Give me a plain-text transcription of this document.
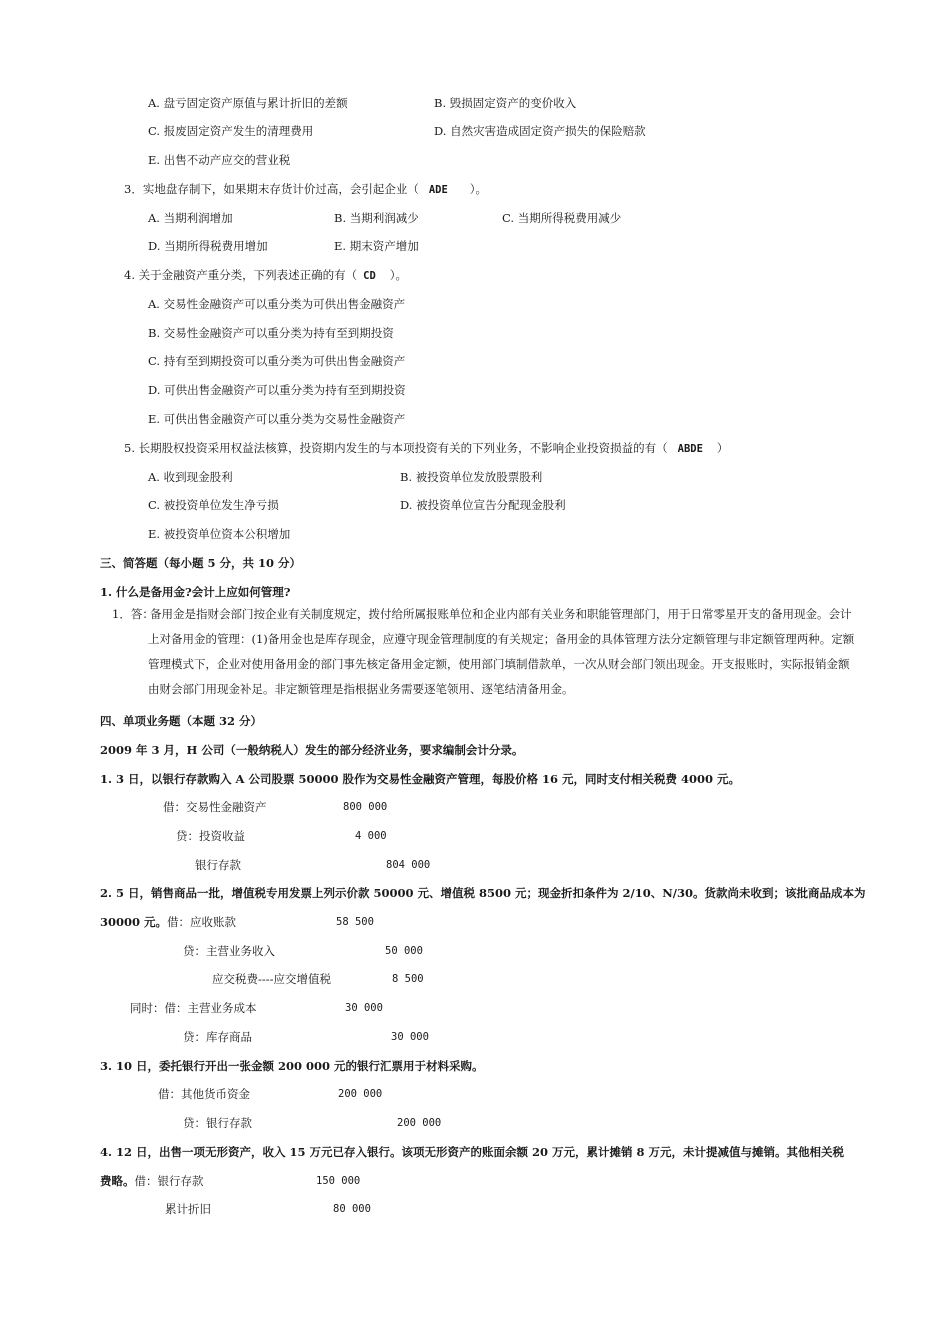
A. 盘亏固定资产原值与累计折旧的差额	B. 毁损固定资产的变价收入
C. 报废固定资产发生的清理费用	D. 自然灾害造成固定资产损失的保险赔款
E. 出售不动产应交的营业税
3．实地盘存制下，如果期末存货计价过高，会引起企业（ ADE ）。
A. 当期利润增加	B. 当期利润减少	C. 当期所得税费用减少
D. 当期所得税费用增加	E. 期末资产增加
4. 关于金融资产重分类，下列表述正确的有（ CD ）。
A. 交易性金融资产可以重分类为可供出售金融资产
B. 交易性金融资产可以重分类为持有至到期投资
C. 持有至到期投资可以重分类为可供出售金融资产
D. 可供出售金融资产可以重分类为持有至到期投资
E. 可供出售金融资产可以重分类为交易性金融资产
5. 长期股权投资采用权益法核算，投资期内发生的与本项投资有关的下列业务，不影响企业投资损益的有（ ABDE ）
A. 收到现金股利	B. 被投资单位发放股票股利
C. 被投资单位发生净亏损	D. 被投资单位宣告分配现金股利
E. 被投资单位资本公积增加
三、简答题（每小题 5 分，共 10 分）
1. 什么是备用金?会计上应如何管理?
1．答：
备用金是指财会部门按企业有关制度规定，拨付给所属报账单位和企业内部有关业务和职能管理部门，用于日常零星开支的备用现金。会计上对备用金的管理：(1)备用金也是库存现金，应遵守现金管理制度的有关规定；备用金的具体管理方法分定额管理与非定额管理两种。定额管理模式下，企业对使用备用金的部门事先核定备用金定额，使用部门填制借款单，一次从财会部门领出现金。开支报账时，实际报销金额由财会部门用现金补足。非定额管理是指根据业务需要逐笔领用、逐笔结清备用金。
四、单项业务题（本题 32 分）
2009 年 3 月，H 公司（一般纳税人）发生的部分经济业务，要求编制会计分录。
1. 3 日，以银行存款购入 A 公司股票 50000 股作为交易性金融资产管理，每股价格 16 元，同时支付相关税费 4000 元。
借：交易性金融资产	800 000
贷：投资收益	4 000
银行存款	804 000
2. 5 日，销售商品一批，增值税专用发票上列示价款 50000 元、增值税 8500 元；现金折扣条件为 2/10、N/30。货款尚未收到；该批商品成本为
30000 元。借：应收账款	58 500
贷：主营业务收入	50 000
应交税费----应交增值税	8 500
同时：借：主营业务成本	30 000
贷：库存商品	30 000
3. 10 日，委托银行开出一张金额 200 000 元的银行汇票用于材料采购。
借：其他货币资金	200 000
贷：银行存款	200 000
4. 12 日，出售一项无形资产，收入 15 万元已存入银行。该项无形资产的账面余额 20 万元，累计摊销 8 万元，未计提减值与摊销。其他相关税
费略。借：银行存款	150 000
累计折旧	80 000
